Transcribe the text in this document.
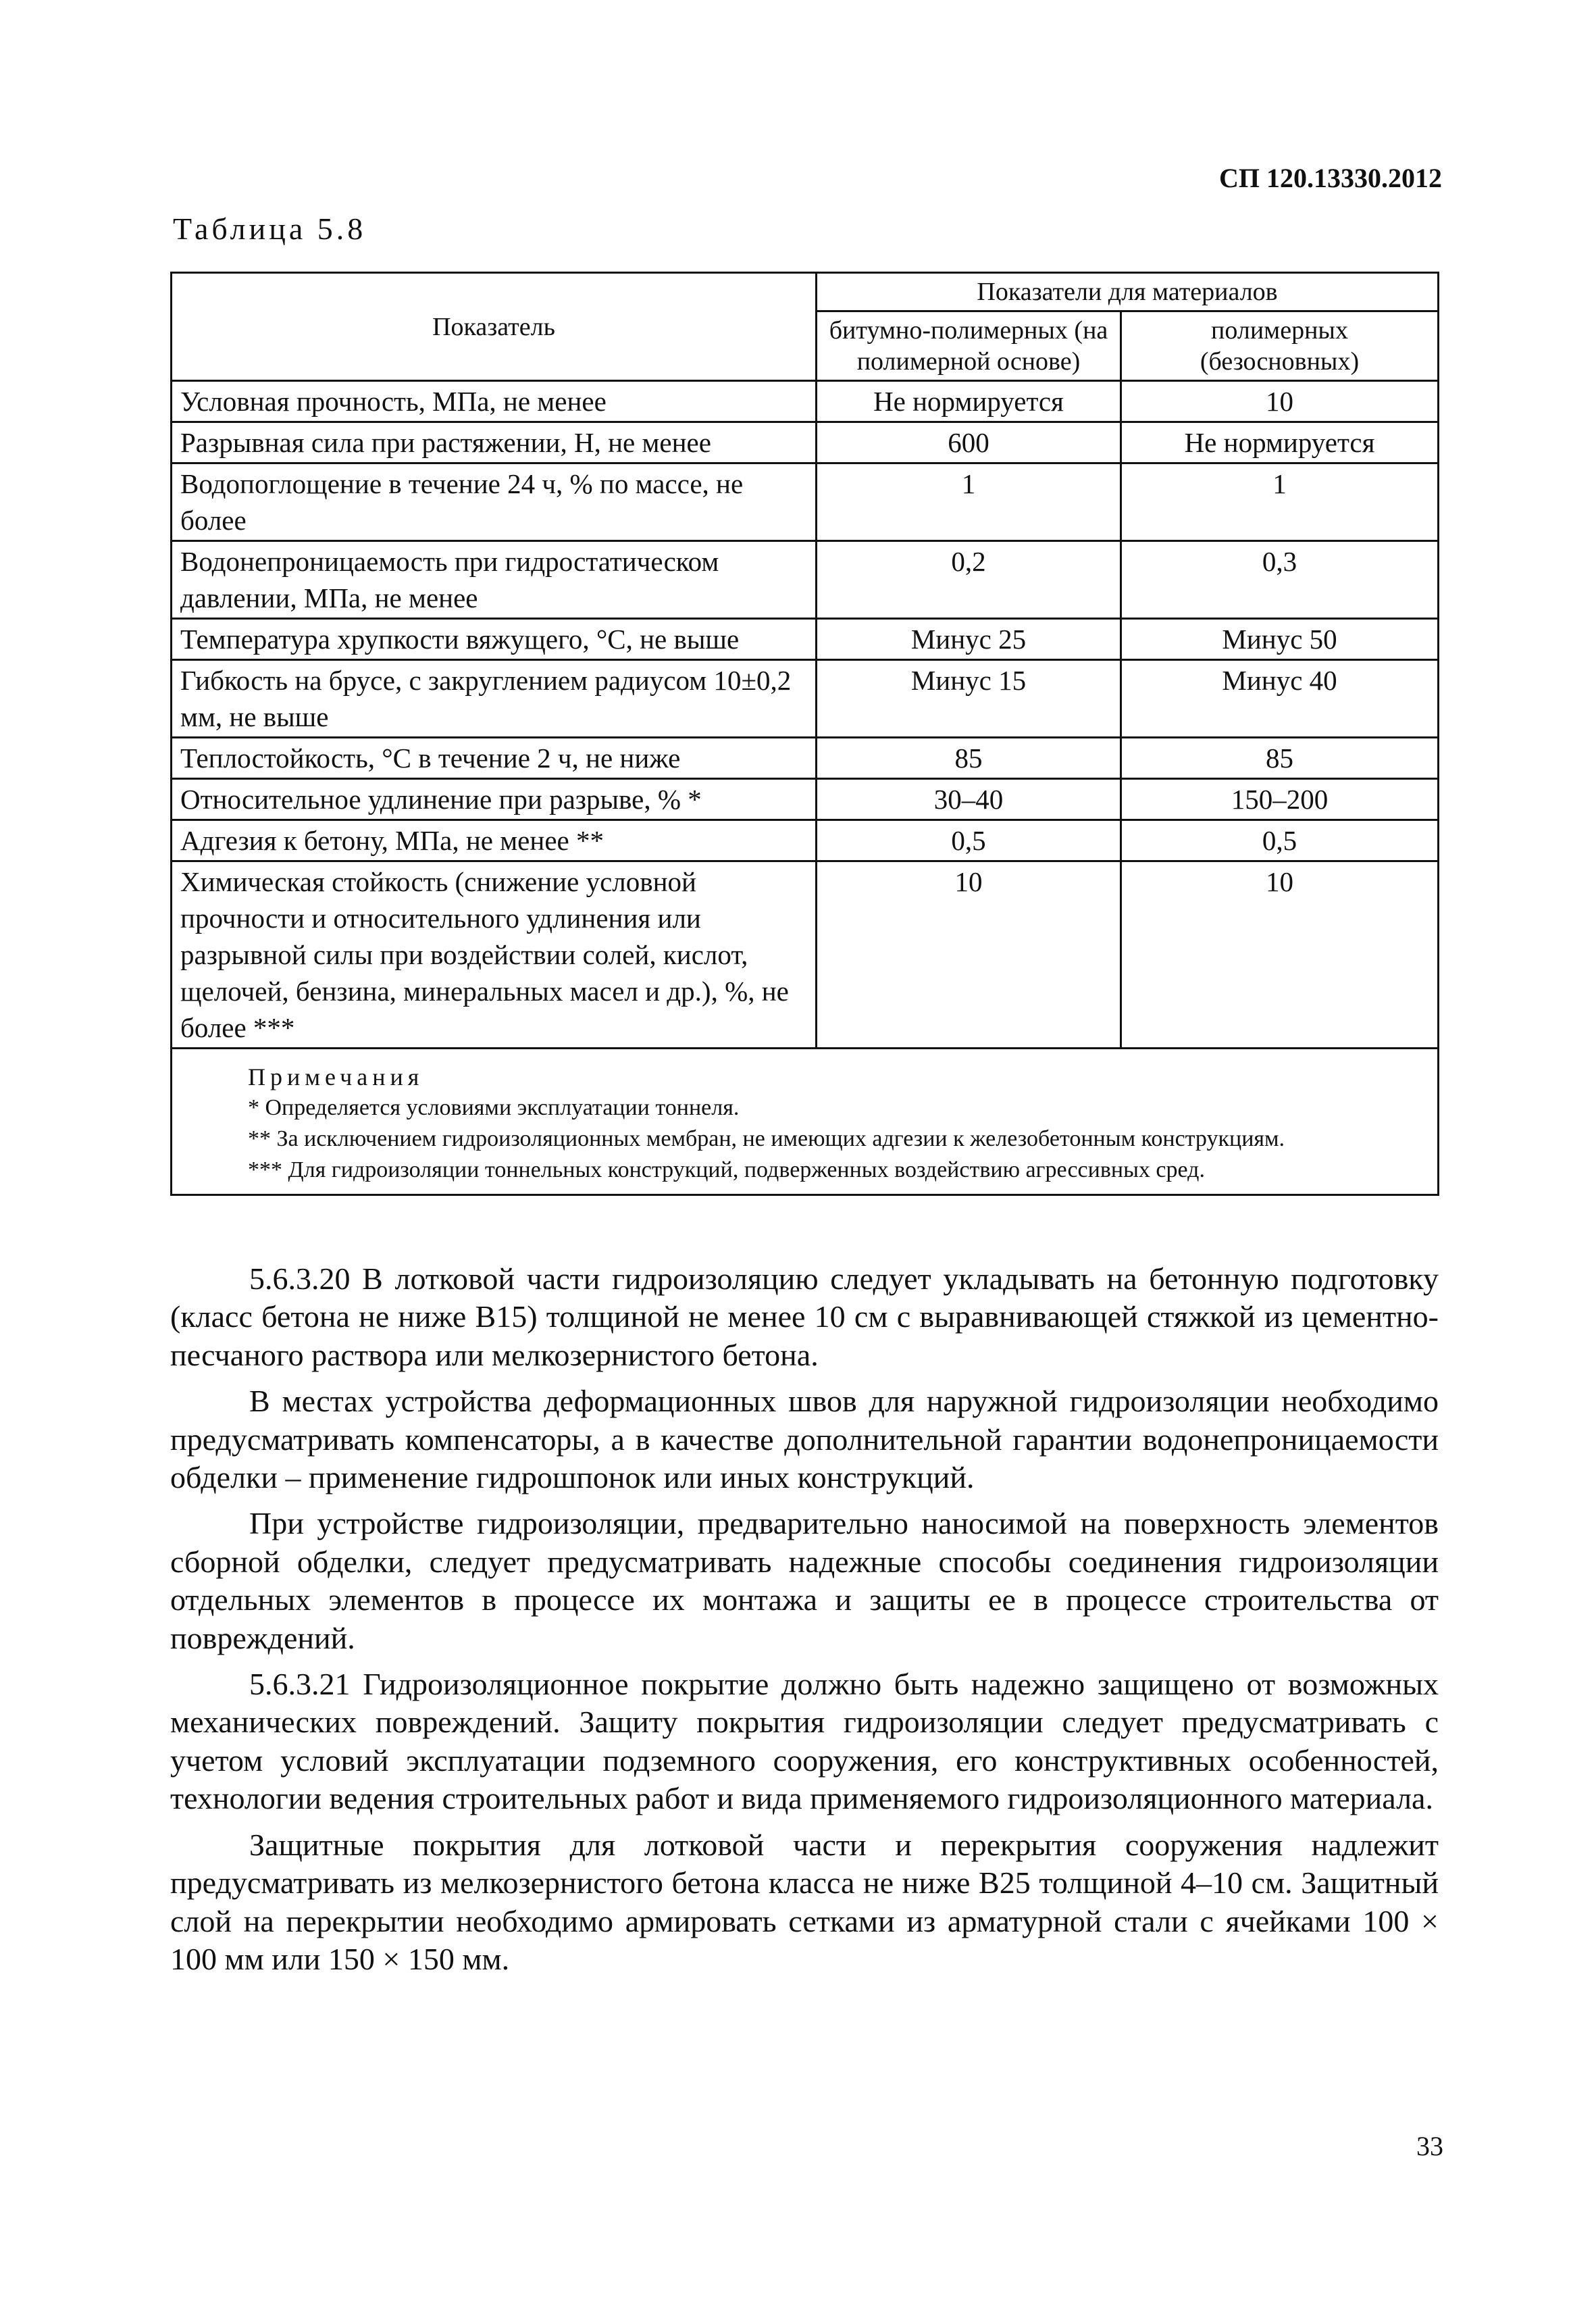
СП 120.13330.2012
Таблица 5.8
Показатель	Показатели для материалов	
	битумно-полимерных (на полимерной основе)	полимерных (безосновных)
Условная прочность, МПа, не менее	Не нормируется	10
Разрывная сила при растяжении, Н, не менее	600	Не нормируется
Водопоглощение в течение 24 ч, % по массе, не более	1	1
Водонепроницаемость при гидростатическом давлении, МПа, не менее	0,2	0,3
Температура хрупкости вяжущего, °С, не выше	Минус 25	Минус 50
Гибкость на брусе, с закруглением радиусом 10±0,2 мм, не выше	Минус 15	Минус 40
Теплостойкость, °С в течение 2 ч, не ниже	85	85
Относительное удлинение при разрыве, % *	30–40	150–200
Адгезия к бетону, МПа, не менее **	0,5	0,5
Химическая стойкость (снижение условной прочности и относительного удлинения или разрывной силы при воздействии солей, кислот, щелочей, бензина, минеральных масел и др.), %, не более ***	10	10

Примечания
* Определяется условиями эксплуатации тоннеля.
** За исключением гидроизоляционных мембран, не имеющих адгезии к железобетонным конструкциям.
*** Для гидроизоляции тоннельных конструкций, подверженных воздействию агрессивных сред.		

5.6.3.20 В лотковой части гидроизоляцию следует укладывать на бетонную подготовку (класс бетона не ниже В15) толщиной не менее 10 см с выравнивающей стяжкой из цементно-песчаного раствора или мелкозернистого бетона.

В местах устройства деформационных швов для наружной гидроизоляции необходимо предусматривать компенсаторы, а в качестве дополнительной гарантии водонепроницаемости обделки – применение гидрошпонок или иных конструкций.

При устройстве гидроизоляции, предварительно наносимой на поверхность элементов сборной обделки, следует предусматривать надежные способы соединения гидроизоляции отдельных элементов в процессе их монтажа и защиты ее в процессе строительства от повреждений.

5.6.3.21 Гидроизоляционное покрытие должно быть надежно защищено от возможных механических повреждений. Защиту покрытия гидроизоляции следует предусматривать с учетом условий эксплуатации подземного сооружения, его конструктивных особенностей, технологии ведения строительных работ и вида применяемого гидроизоляционного материала.

Защитные покрытия для лотковой части и перекрытия сооружения надлежит предусматривать из мелкозернистого бетона класса не ниже В25 толщиной 4–10 см. Защитный слой на перекрытии необходимо армировать сетками из арматурной стали с ячейками 100 × 100 мм или 150 × 150 мм.

33
